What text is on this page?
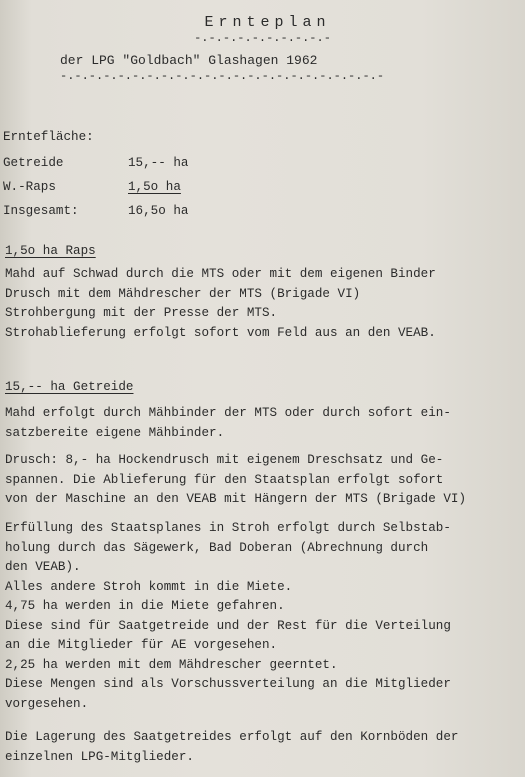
Ernteplan
-.-.-.-.-.-.-.-.-.-
der LPG "Goldbach" Glashagen 1962
-.-.-.-.-.-.-.-.-.-.-.-.-.-.-.-.-.-.-.-.-.-.-
Erntefläche:
Getreide	15,-- ha
W.-Raps	1,5o ha
Insgesamt:	16,5o ha
1,5o ha Raps
Mahd auf Schwad durch die MTS oder mit dem eigenen Binder
Drusch mit dem Mähdrescher der MTS (Brigade VI)
Strohbergung mit der Presse der MTS.
Strohablieferung erfolgt sofort vom Feld aus an den VEAB.
15,-- ha Getreide
Mahd erfolgt durch Mähbinder der MTS oder durch sofort ein-
satzbereite eigene Mähbinder.
Drusch: 8,- ha Hockendrusch mit eigenem Dreschsatz und Ge-
spannen. Die Ablieferung für den Staatsplan erfolgt sofort
von der Maschine an den VEAB mit Hängern der MTS (Brigade VI)
Erfüllung des Staatsplanes in Stroh erfolgt durch Selbstab-
holung durch das Sägewerk, Bad Doberan (Abrechnung durch
den VEAB).
Alles andere Stroh kommt in die Miete.
4,75 ha werden in die Miete gefahren.
Diese sind für Saatgetreide und der Rest für die Verteilung
an die Mitglieder für AE vorgesehen.
2,25 ha werden mit dem Mähdrescher geerntet.
Diese Mengen sind als Vorschussverteilung an die Mitglieder
vorgesehen.
Die Lagerung des Saatgetreides erfolgt auf den Kornböden der
einzelnen LPG-Mitglieder.
